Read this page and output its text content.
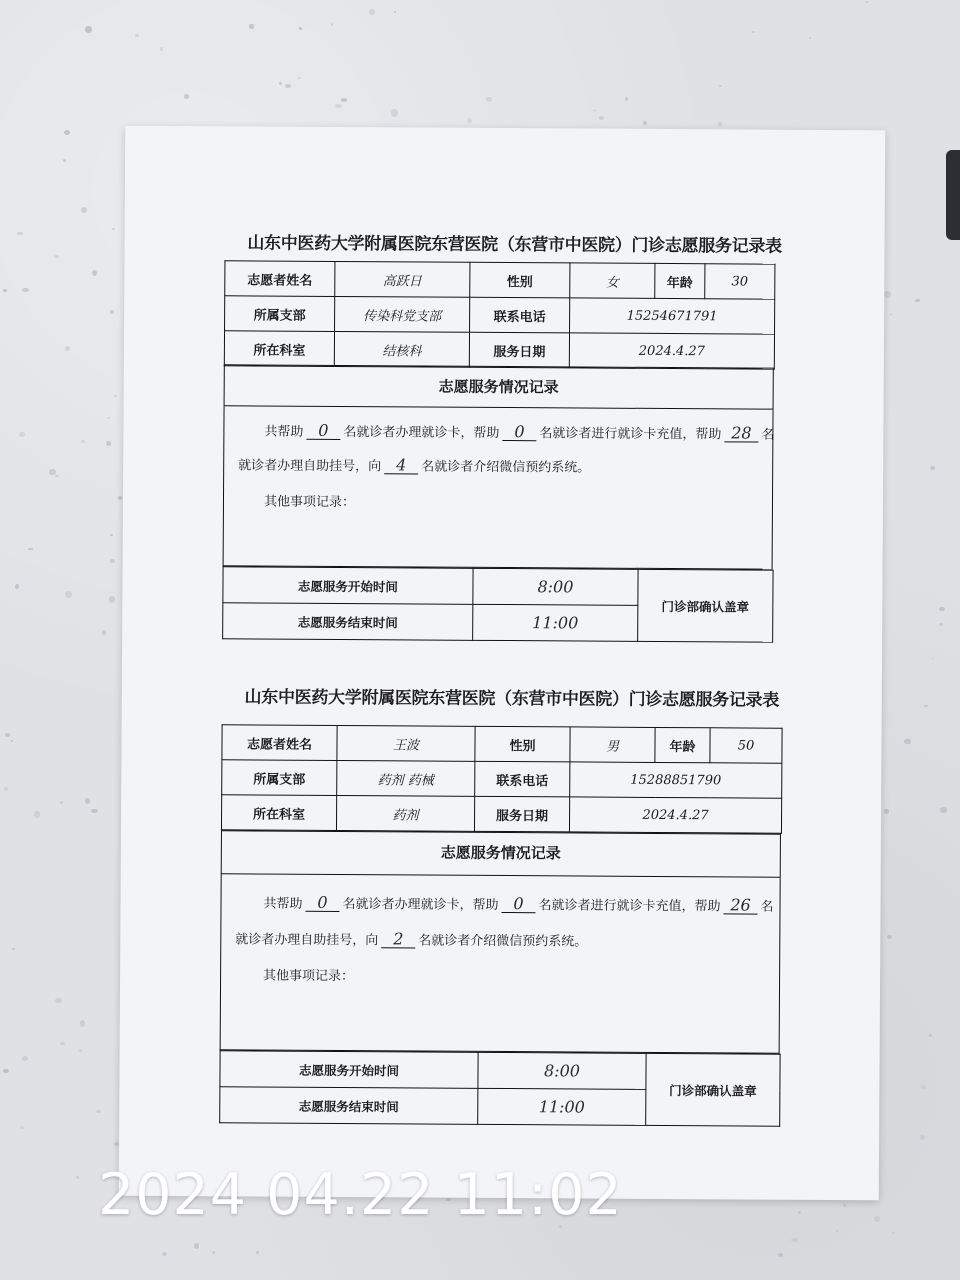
山东中医药大学附属医院东营医院（东营市中医院）门诊志愿服务记录表
志愿者姓名	高跃日	性别	女	年龄	30
所属支部	传染科党支部	联系电话	15254671791		
所在科室	结核科	服务日期	2024.4.27		
志愿服务情况记录
共帮助 0 名就诊者办理就诊卡，帮助 0 名就诊者进行就诊卡充值，帮助 28 名
就诊者办理自助挂号，向 4 名就诊者介绍微信预约系统。
其他事项记录：
志愿服务开始时间	8:00	门诊部确认盖章
志愿服务结束时间	11:00	
山东中医药大学附属医院东营医院（东营市中医院）门诊志愿服务记录表
志愿者姓名	王波	性别	男	年龄	50
所属支部	药剂 药械	联系电话	15288851790		
所在科室	药剂	服务日期	2024.4.27		
志愿服务情况记录
共帮助 0 名就诊者办理就诊卡，帮助 0 名就诊者进行就诊卡充值，帮助 26 名
就诊者办理自助挂号，向 2 名就诊者介绍微信预约系统。
其他事项记录：
志愿服务开始时间	8:00	门诊部确认盖章
志愿服务结束时间	11:00	
2024 04.22 11:02
